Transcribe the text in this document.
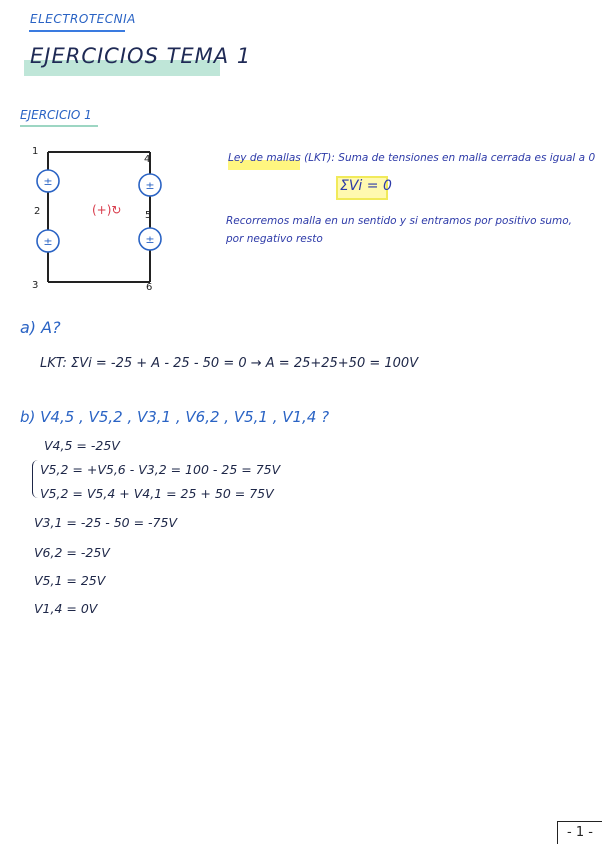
ELECTROTECNIA
EJERCICIOS TEMA 1
EJERCICIO 1
±
±
±
±
(+)↻
1
2
3
4
5
6
Ley de mallas (LKT): Suma de tensiones en malla cerrada es igual a 0
ΣVi = 0
Recorremos malla en un sentido y si entramos por positivo sumo, por negativo resto
a) A?
LKT: ΣVi = -25 + A - 25 - 50 = 0 → A = 25+25+50 = 100V
b) V4,5 , V5,2 , V3,1 , V6,2 , V5,1 , V1,4 ?
V4,5 = -25V
V5,2 = +V5,6 - V3,2 = 100 - 25 = 75V
V5,2 = V5,4 + V4,1 = 25 + 50 = 75V
V3,1 = -25 - 50 = -75V
V6,2 = -25V
V5,1 = 25V
V1,4 = 0V
- 1 -
